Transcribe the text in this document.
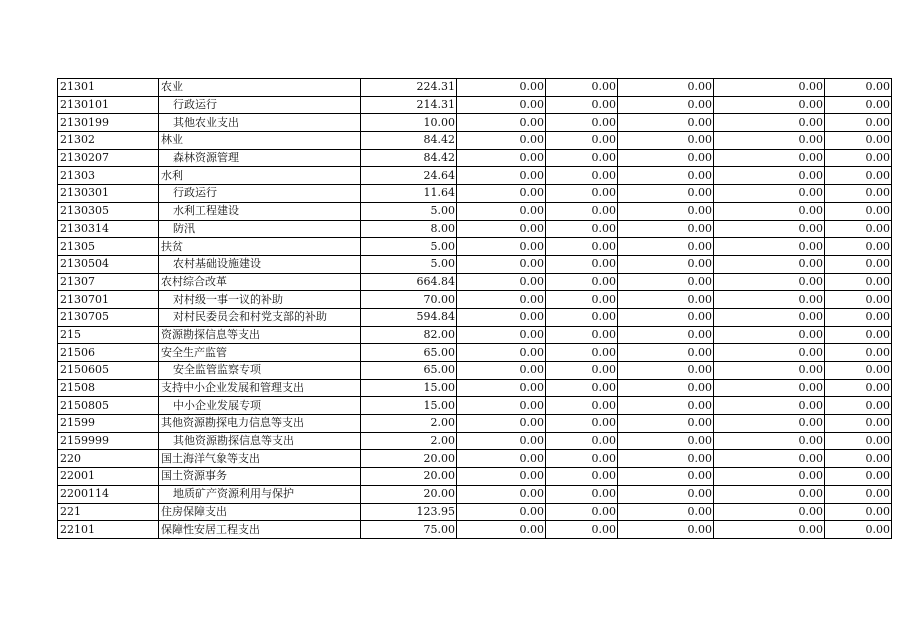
21301	农业	224.31	0.00	0.00	0.00	0.00	0.00
2130101	行政运行	214.31	0.00	0.00	0.00	0.00	0.00
2130199	其他农业支出	10.00	0.00	0.00	0.00	0.00	0.00
21302	林业	84.42	0.00	0.00	0.00	0.00	0.00
2130207	森林资源管理	84.42	0.00	0.00	0.00	0.00	0.00
21303	水利	24.64	0.00	0.00	0.00	0.00	0.00
2130301	行政运行	11.64	0.00	0.00	0.00	0.00	0.00
2130305	水利工程建设	5.00	0.00	0.00	0.00	0.00	0.00
2130314	防汛	8.00	0.00	0.00	0.00	0.00	0.00
21305	扶贫	5.00	0.00	0.00	0.00	0.00	0.00
2130504	农村基础设施建设	5.00	0.00	0.00	0.00	0.00	0.00
21307	农村综合改革	664.84	0.00	0.00	0.00	0.00	0.00
2130701	对村级一事一议的补助	70.00	0.00	0.00	0.00	0.00	0.00
2130705	对村民委员会和村党支部的补助	594.84	0.00	0.00	0.00	0.00	0.00
215	资源勘探信息等支出	82.00	0.00	0.00	0.00	0.00	0.00
21506	安全生产监管	65.00	0.00	0.00	0.00	0.00	0.00
2150605	安全监管监察专项	65.00	0.00	0.00	0.00	0.00	0.00
21508	支持中小企业发展和管理支出	15.00	0.00	0.00	0.00	0.00	0.00
2150805	中小企业发展专项	15.00	0.00	0.00	0.00	0.00	0.00
21599	其他资源勘探电力信息等支出	2.00	0.00	0.00	0.00	0.00	0.00
2159999	其他资源勘探信息等支出	2.00	0.00	0.00	0.00	0.00	0.00
220	国土海洋气象等支出	20.00	0.00	0.00	0.00	0.00	0.00
22001	国土资源事务	20.00	0.00	0.00	0.00	0.00	0.00
2200114	地质矿产资源利用与保护	20.00	0.00	0.00	0.00	0.00	0.00
221	住房保障支出	123.95	0.00	0.00	0.00	0.00	0.00
22101	保障性安居工程支出	75.00	0.00	0.00	0.00	0.00	0.00
